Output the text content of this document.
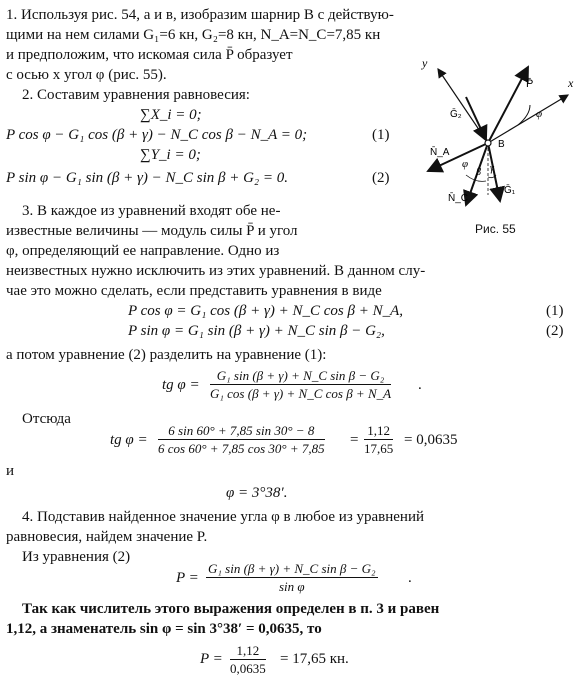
1. Используя рис. 54, а и в, изобразим шарнир B с действую-
щими на нем силами G₁=6 кн, G₂=8 кн, N_A=N_C=7,85 кн
и предположим, что искомая сила P̄ образует
с осью x угол φ (рис. 55).
2. Составим уравнения равновесия:
∑X_i = 0;
P cos φ − G₁ cos (β + γ) − N_C cos β − N_A = 0;	(1)
∑Y_i = 0;
P sin φ − G₁ sin (β + γ) − N_C sin β + G₂ = 0.	(2)
3. В каждое из уравнений входят обе не-
известные величины — модуль силы P̄ и угол
φ, определяющий ее направление. Одно из
неизвестных нужно исключить из этих уравнений. В данном слу-
чае это можно сделать, если представить уравнения в виде
P cos φ = G₁ cos (β + γ) + N_C cos β + N_A,	(1)
P sin φ = G₁ sin (β + γ) + N_C sin β − G₂,	(2)
а потом уравнение (2) разделить на уравнение (1):
tg $\varphi = \frac{\text{G₁ sin (β + γ) + N\_C sin β − G₂}}{\text{G₁ cos (β + γ) + N\_C cos β + N\_A}}$ .
Отсюда
tg $\varphi = \frac{6 \sin 60^\circ + 7,85 \sin 30^\circ - 8}{6 \cos 60^\circ + 7,85 \cos 30^\circ + 7,85} = \frac{1,12}{17,65} = 0,0635$
и
φ = 3°38′.
4. Подставив найденное значение угла φ в любое из уравнений
равновесия, найдем значение P.
Из уравнения (2)
$P = \frac{\text{G₁ sin (β + γ) + N\_C sin β − G₂}}{\text{sin φ}}$ .
Так как числитель этого выражения определен в п. 3 и равен
1,12, а знаменатель sin φ = sin 3°38′ = 0,0635, то
$P = \frac{1,12}{0,0635} = 17,65$ кн.
y
x
P̄
φ
Ḡ₂
N̄_A
B
φ
β γ
N̄_C
Ḡ₁
Рис. 55
